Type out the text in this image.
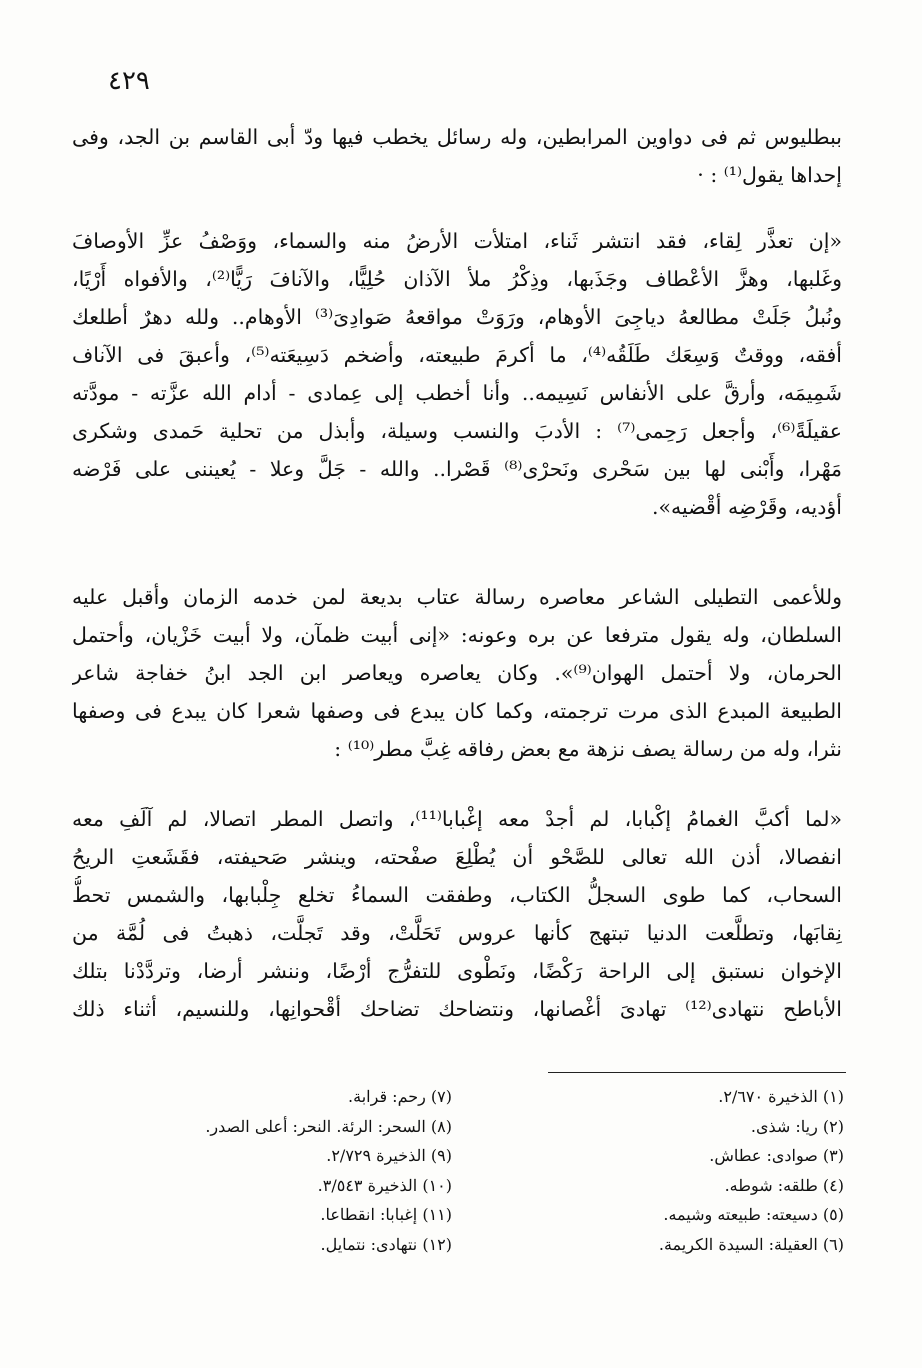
٤٢٩

ببطليوس ثم فى دواوين المرابطين، وله رسائل يخطب فيها ودّ أبى القاسم بن الجد، وفى
إحداها يقول⁽¹⁾ : ·

«إن تعذَّر لِقاء، فقد انتشر ثَناء، امتلأت الأرضُ منه والسماء، ووَصْفُ عزِّ الأوصافَ
وغَلبها، وهزَّ الأعْطاف وجَذَبها، وذِكْرُ ملأ الآذان حُلِيًّا، والآنافَ رَيًّا⁽²⁾، والأفواه أَرْيًا،
ونُبلُ جَلَتْ مطالعهُ دياجِىَ الأوهام، ورَوَتْ مواقعهُ صَوادِىَ⁽³⁾ الأوهام.. ولله دهرٌ أطلعك
أفقه، ووقتٌ وَسِعَك طَلَقُه⁽⁴⁾، ما أكرمَ طبيعته، وأضخم دَسِيعَته⁽⁵⁾، وأعبقَ فى الآناف
شَمِيمَه، وأرقَّ على الأنفاس نَسِيمه.. وأنا أخطب إلى عِمادى - أدام الله عزَّته - مودَّته
عقيلَةً⁽⁶⁾، وأجعل رَحِمى⁽⁷⁾ : الأدبَ والنسب وسيلة، وأبذل من تحلية حَمدى وشكرى
مَهْرا، وأَبْنى لها بين سَحْرى ونَحرْى⁽⁸⁾ قَصْرا.. والله - جَلَّ وعلا - يُعيننى على فَرْضه
أؤديه، وقَرْضِه أقْضيه».

وللأعمى التطيلى الشاعر معاصره رسالة عتاب بديعة لمن خدمه الزمان وأقبل عليه
السلطان، وله يقول مترفعا عن بره وعونه: «إنى أبيت ظمآن، ولا أبيت خَزْيان، وأحتمل
الحرمان، ولا أحتمل الهوان⁽⁹⁾». وكان يعاصره ويعاصر ابن الجد ابنُ خفاجة شاعر
الطبيعة المبدع الذى مرت ترجمته، وكما كان يبدع فى وصفها شعرا كان يبدع فى وصفها
نثرا، وله من رسالة يصف نزهة مع بعض رفاقه غِبَّ مطر⁽¹⁰⁾ :

«لما أكبَّ الغمامُ إكْبابا، لم أجدْ معه إغْبابا⁽¹¹⁾، واتصل المطر اتصالا، لم آلَفِ معه
انفصالا، أذن الله تعالى للصَّحْو أن يُطْلِعَ صفْحته، وينشر صَحيفته، فقَشَعتِ الريحُ
السحاب، كما طوى السجلُّ الكتاب، وطفقت السماءُ تخلع جِلْبابها، والشمس تحطُّ
نِقابَها، وتطلَّعت الدنيا تبتهج كأنها عروس تَحَلَّتْ، وقد تَجلَّت، ذهبتُ فى لُمَّة من
الإخوان نستبق إلى الراحة رَكْضًا، ونَطْوى للتفرُّج أرْضًا، وننشر أرضا، وتردَّدْنا بتلك
الأباطح نتهادى⁽¹²⁾ تهادىَ أغْصانها، ونتضاحك تضاحك أقْحوانِها، وللنسيم، أثناء ذلك

(١) الذخيرة ٢/٦٧٠.
(٢) ريا: شذى.
(٣) صوادى: عطاش.
(٤) طلقه: شوطه.
(٥) دسيعته: طبيعته وشيمه.
(٦) العقيلة: السيدة الكريمة.
(٧) رحم: قرابة.
(٨) السحر: الرئة. النحر: أعلى الصدر.
(٩) الذخيرة ٢/٧٢٩.
(١٠) الذخيرة ٣/٥٤٣.
(١١) إغبابا: انقطاعا.
(١٢) نتهادى: نتمايل.
